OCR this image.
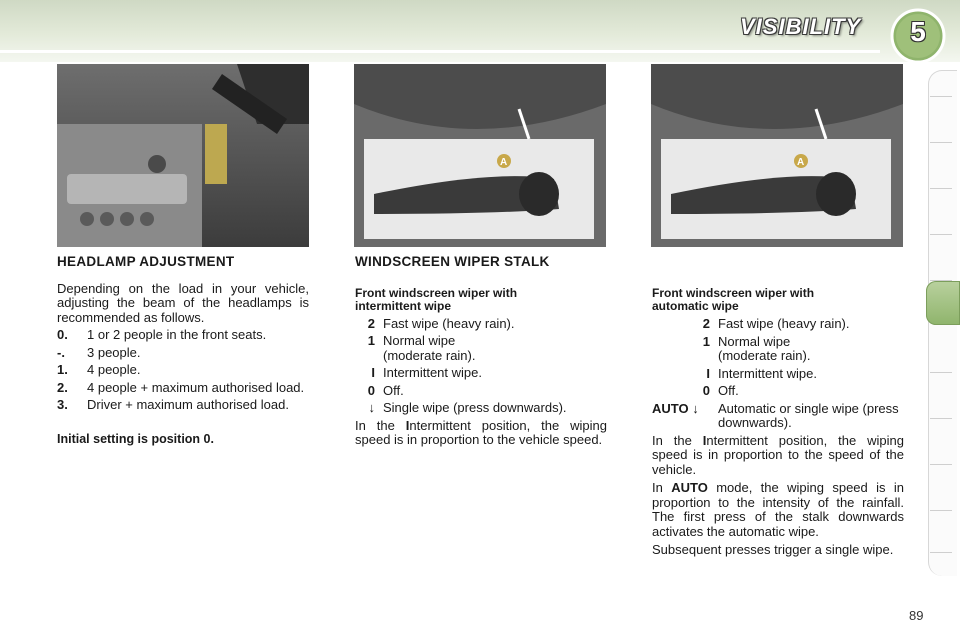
VISIBILITY	5
A	A
HEADLAMP ADJUSTMENT

Depending on the load in your vehicle, adjusting the beam of the headlamps is recommended as follows.

0.	1 or 2 people in the front seats.
-.	3 people.
1.	4 people.
2.	4 people + maximum authorised load.
3.	Driver + maximum authorised load.

Initial setting is position 0.

WINDSCREEN WIPER STALK

Front windscreen wiper with intermittent wipe

2 Fast wipe (heavy rain).
1 Normal wipe (moderate rain).
I Intermittent wipe.
0 Off.
↓ Single wipe (press downwards).

In the Intermittent position, the wiping speed is in proportion to the vehicle speed.

Front windscreen wiper with automatic wipe

2 Fast wipe (heavy rain).
1 Normal wipe (moderate rain).
I Intermittent wipe.
0 Off.
AUTO ↓	Automatic or single wipe (press downwards).

In the Intermittent position, the wiping speed is in proportion to the speed of the vehicle.

In AUTO mode, the wiping speed is in proportion to the intensity of the rainfall. The first press of the stalk downwards activates the automatic wipe.

Subsequent presses trigger a single wipe.

89
